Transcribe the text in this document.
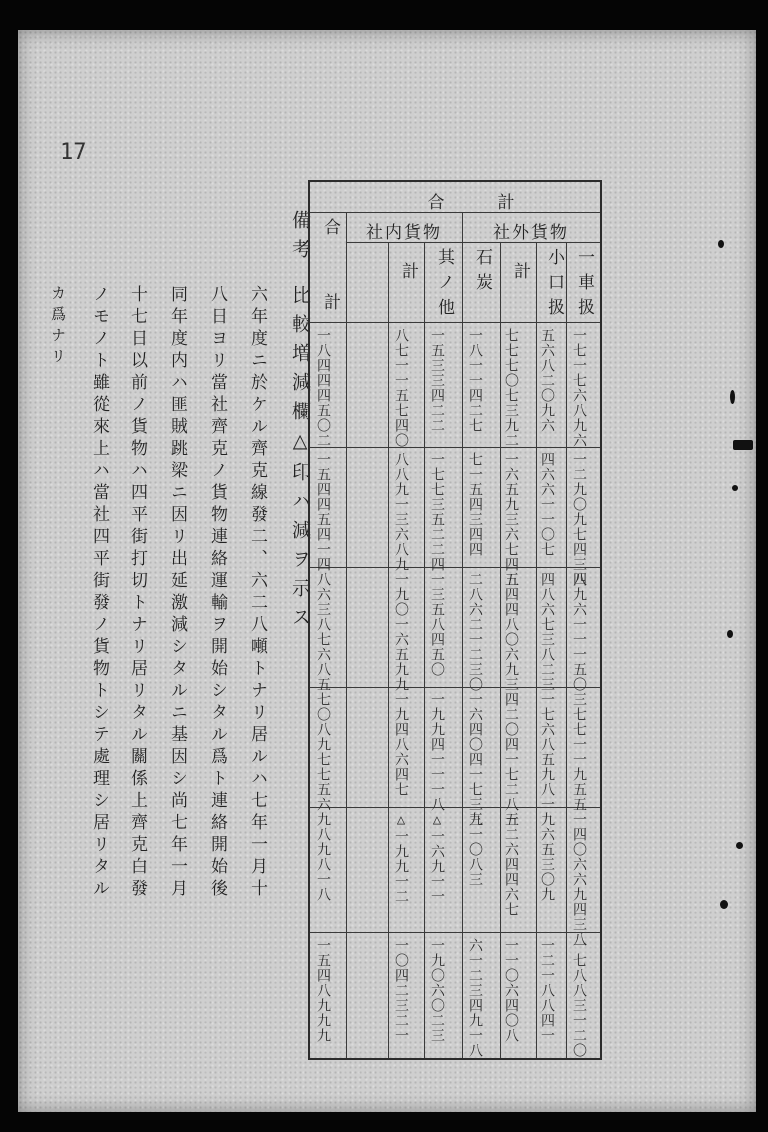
17
備考
比較増減欄△印ハ減ヲ示ス
六年度ニ於ケル齊克線發二、六二八噸トナリ居ルハ七年一月十
八日ヨリ當社齊克ノ貨物連絡運輸ヲ開始シタル爲ト連絡開始後
同年度内ハ匪賊跳梁ニ因リ出延激減シタルニ基因シ尚七年一月
十七日以前ノ貨物ハ四平街打切トナリ居リタル關係上齊克白發
ノモノト雖從來上ハ當社四平街發ノ貨物トシテ處理シ居リタル
カ爲ナリ
合　計
社外貨物
社内貨物
一車扱
小口扱
計
石炭
其ノ他
計
合計
一七一七六八九六
五六八二〇九六
七七七〇七三九二
一八一一四二七
一五三三四二二
八七一一五七四〇
一八四四四五〇二
一二九〇九七四三八
四六六一一〇七
一六五九三六七四五
七一五四三四四
一七七三五二二四
八八九一三六八九
一五四四五四一四
四九六一一一五〇
四八六七三八二三
五四四八〇六九三
二八六二一二三〇
一三五八四五〇
一九〇一六五九九
八六三八七六八五
三七七一一九五五
一七六八五九八一
四二〇四一七二八五
一六四〇四一七三九
一九九四一一一八
一九四八六四七
七〇八九七七五六
一四〇六六九四三八
九六五三〇九
一二六四四六七
三一〇八三
△一六九一一
△一九九一二
九八九八一八
一七八八三一二〇
一二一八八四一
一一〇六四〇八
六一二三四九一八
一九〇六〇二三
一〇四二三二一
一五四八九九九
